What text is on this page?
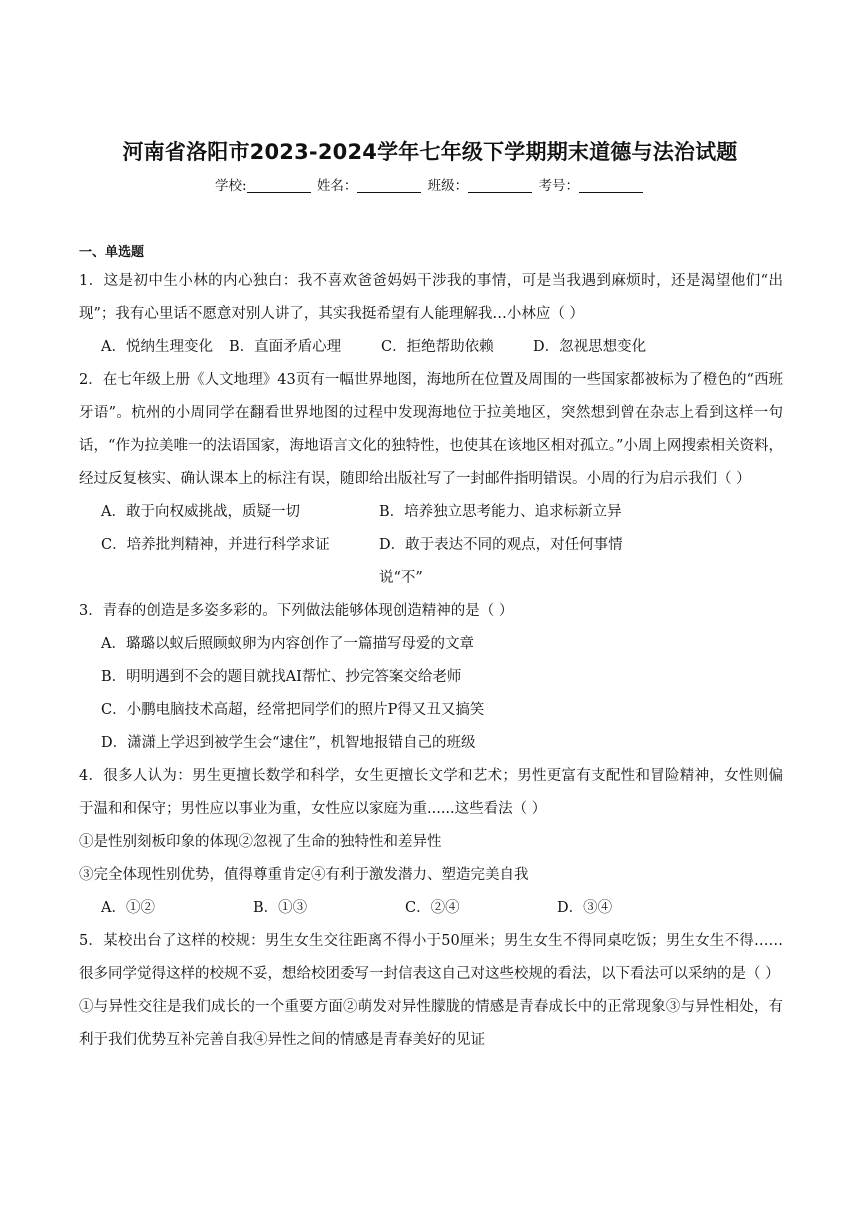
河南省洛阳市2023-2024学年七年级下学期期末道德与法治试题
学校:	姓名：	班级：	考号：
一、单选题
1．这是初中生小林的内心独白：我不喜欢爸爸妈妈干涉我的事情，可是当我遇到麻烦时，还是渴望他们“出现”；我有心里话不愿意对别人讲了，其实我挺希望有人能理解我…小林应（ ）
A．悦纳生理变化	B．直面矛盾心理	C．拒绝帮助依赖	D．忽视思想变化
2．在七年级上册《人文地理》43页有一幅世界地图，海地所在位置及周围的一些国家都被标为了橙色的“西班牙语”。杭州的小周同学在翻看世界地图的过程中发现海地位于拉美地区，突然想到曾在杂志上看到这样一句话，“作为拉美唯一的法语国家，海地语言文化的独特性，也使其在该地区相对孤立。”小周上网搜索相关资料，经过反复核实、确认课本上的标注有误，随即给出版社写了一封邮件指明错误。小周的行为启示我们（ ）
A．敢于向权威挑战，质疑一切	B．培养独立思考能力、追求标新立异
C．培养批判精神，并进行科学求证	D．敢于表达不同的观点，对任何事情说“不”
3．青春的创造是多姿多彩的。下列做法能够体现创造精神的是（ ）
A．璐璐以蚁后照顾蚁卵为内容创作了一篇描写母爱的文章
B．明明遇到不会的题目就找AI帮忙、抄完答案交给老师
C．小鹏电脑技术高超，经常把同学们的照片P得又丑又搞笑
D．潇潇上学迟到被学生会“逮住”，机智地报错自己的班级
4．很多人认为：男生更擅长数学和科学，女生更擅长文学和艺术；男性更富有支配性和冒险精神，女性则偏于温和和保守；男性应以事业为重，女性应以家庭为重......这些看法（ ）
①是性别刻板印象的体现②忽视了生命的独特性和差异性
③完全体现性别优势，值得尊重肯定④有利于激发潜力、塑造完美自我
A．①②	B．①③	C．②④	D．③④
5．某校出台了这样的校规：男生女生交往距离不得小于50厘米；男生女生不得同桌吃饭；男生女生不得……很多同学觉得这样的校规不妥，想给校团委写一封信表这自己对这些校规的看法，以下看法可以采纳的是（ ）
①与异性交往是我们成长的一个重要方面②萌发对异性朦胧的情感是青春成长中的正常现象③与异性相处，有利于我们优势互补完善自我④异性之间的情感是青春美好的见证
